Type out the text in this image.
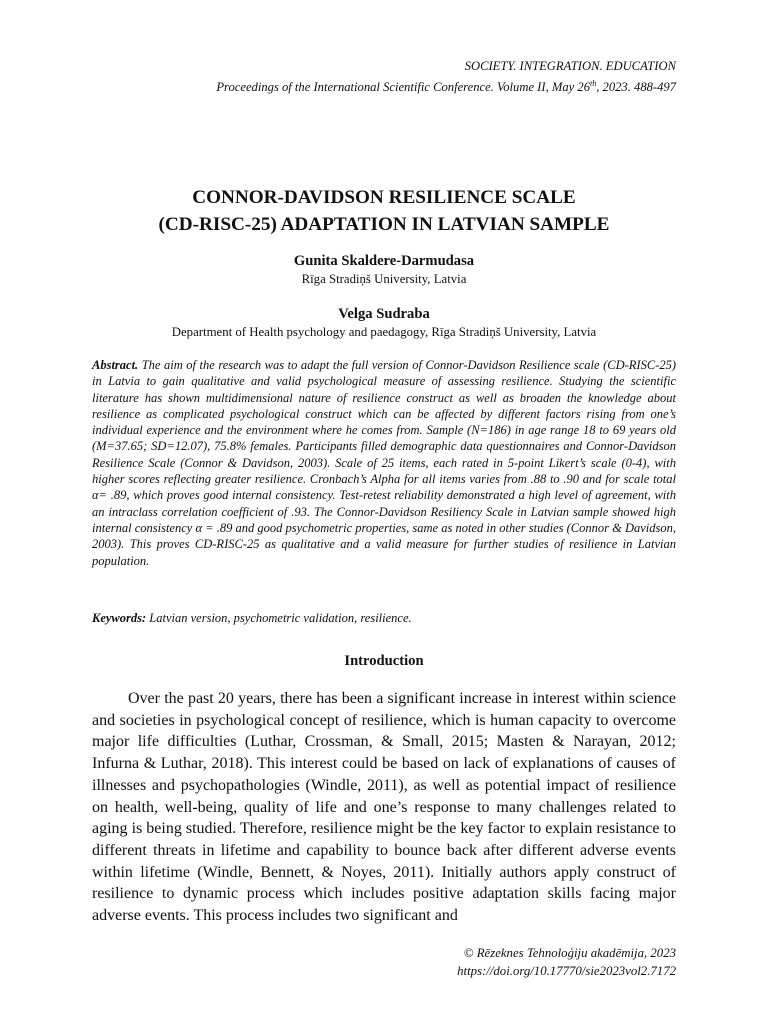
SOCIETY. INTEGRATION. EDUCATION
Proceedings of the International Scientific Conference. Volume II, May 26th, 2023. 488-497
CONNOR-DAVIDSON RESILIENCE SCALE
(CD-RISC-25) ADAPTATION IN LATVIAN SAMPLE
Gunita Skaldere-Darmudasa
Rīga Stradiņš University, Latvia
Velga Sudraba
Department of Health psychology and paedagogy, Rīga Stradiņš University, Latvia

Abstract. The aim of the research was to adapt the full version of Connor-Davidson Resilience scale (CD-RISC-25) in Latvia to gain qualitative and valid psychological measure of assessing resilience. Studying the scientific literature has shown multidimensional nature of resilience construct as well as broaden the knowledge about resilience as complicated psychological construct which can be affected by different factors rising from one’s individual experience and the environment where he comes from. Sample (N=186) in age range 18 to 69 years old (M=37.65; SD=12.07), 75.8% females. Participants filled demographic data questionnaires and Connor-Davidson Resilience Scale (Connor & Davidson, 2003). Scale of 25 items, each rated in 5-point Likert’s scale (0-4), with higher scores reflecting greater resilience. Cronbach’s Alpha for all items varies from .88 to .90 and for scale total α= .89, which proves good internal consistency. Test-retest reliability demonstrated a high level of agreement, with an intraclass correlation coefficient of .93. The Connor-Davidson Resiliency Scale in Latvian sample showed high internal consistency α = .89 and good psychometric properties, same as noted in other studies (Connor & Davidson, 2003). This proves CD-RISC-25 as qualitative and a valid measure for further studies of resilience in Latvian population.

Keywords: Latvian version, psychometric validation, resilience.

Introduction

Over the past 20 years, there has been a significant increase in interest within science and societies in psychological concept of resilience, which is human capacity to overcome major life difficulties (Luthar, Crossman, & Small, 2015; Masten & Narayan, 2012; Infurna & Luthar, 2018). This interest could be based on lack of explanations of causes of illnesses and psychopathologies (Windle, 2011), as well as potential impact of resilience on health, well-being, quality of life and one’s response to many challenges related to aging is being studied. Therefore, resilience might be the key factor to explain resistance to different threats in lifetime and capability to bounce back after different adverse events within lifetime (Windle, Bennett, & Noyes, 2011). Initially authors apply construct of resilience to dynamic process which includes positive adaptation skills facing major adverse events. This process includes two significant and

© Rēzeknes Tehnoloģiju akadēmija, 2023
https://doi.org/10.17770/sie2023vol2.7172
